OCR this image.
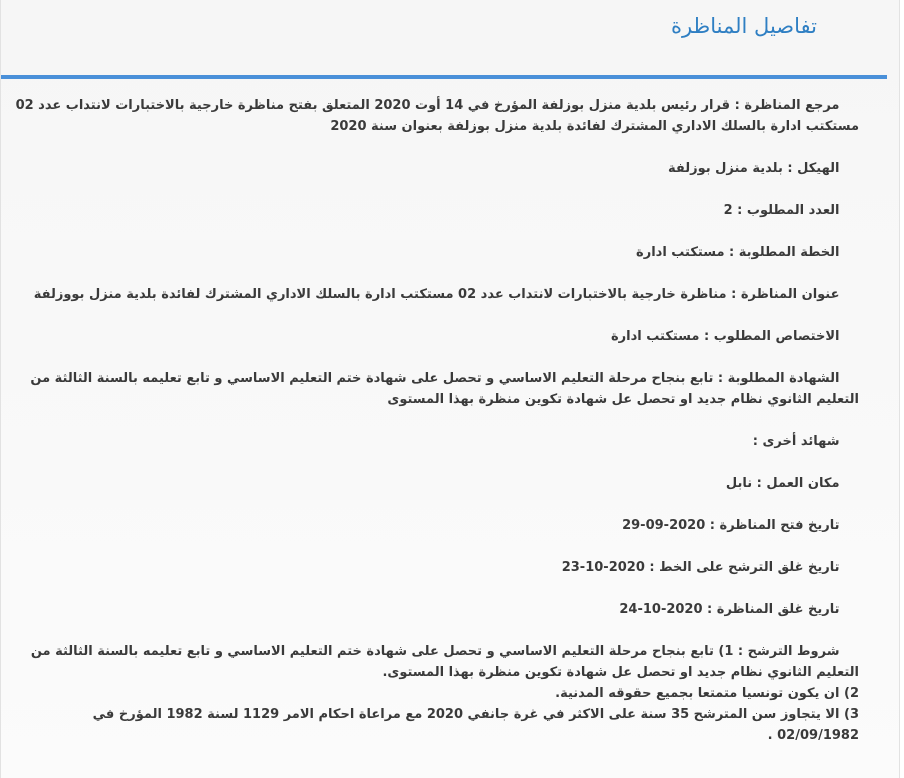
تفاصيل المناظرة

  مرجع المناظرة : قرار رئيس بلدية منزل بوزلفة المؤرخ في 14 أوت 2020 المتعلق بفتح مناظرة خارجية بالاختبارات لانتداب عدد 02 مستكتب ادارة بالسلك الاداري المشترك لفائدة بلدية منزل بوزلفة بعنوان سنة 2020

  الهيكل : بلدية منزل بوزلفة

  العدد المطلوب : 2

  الخطة المطلوبة : مستكتب ادارة

  عنوان المناظرة : مناظرة خارجية بالاختبارات لانتداب عدد 02 مستكتب ادارة بالسلك الاداري المشترك لفائدة بلدية منزل بووزلفة

  الاختصاص المطلوب : مستكتب ادارة

  الشهادة المطلوبة : تابع بنجاح مرحلة التعليم الاساسي و تحصل على شهادة ختم التعليم الاساسي و تابع تعليمه بالسنة الثالثة من التعليم الثانوي نظام جديد او تحصل عل شهادة تكوين منظرة بهذا المستوى

  شهائد أخرى :

  مكان العمل : نابل

  تاريخ فتح المناظرة : 2020-09-29

  تاريخ غلق الترشح على الخط : 2020-10-23

  تاريخ غلق المناظرة : 2020-10-24

  شروط الترشح : 1) تابع بنجاح مرحلة التعليم الاساسي و تحصل على شهادة ختم التعليم الاساسي و تابع تعليمه بالسنة الثالثة من التعليم الثانوي نظام جديد او تحصل عل شهادة تكوين منظرة بهذا المستوى.
2) ان يكون تونسيا متمتعا بجميع حقوقه المدنية.
3) الا يتجاوز سن المترشح 35 سنة على الاكثر في غرة جانفي 2020 مع مراعاة احكام الامر 1129 لسنة 1982 المؤرخ في 02/09/1982 .
